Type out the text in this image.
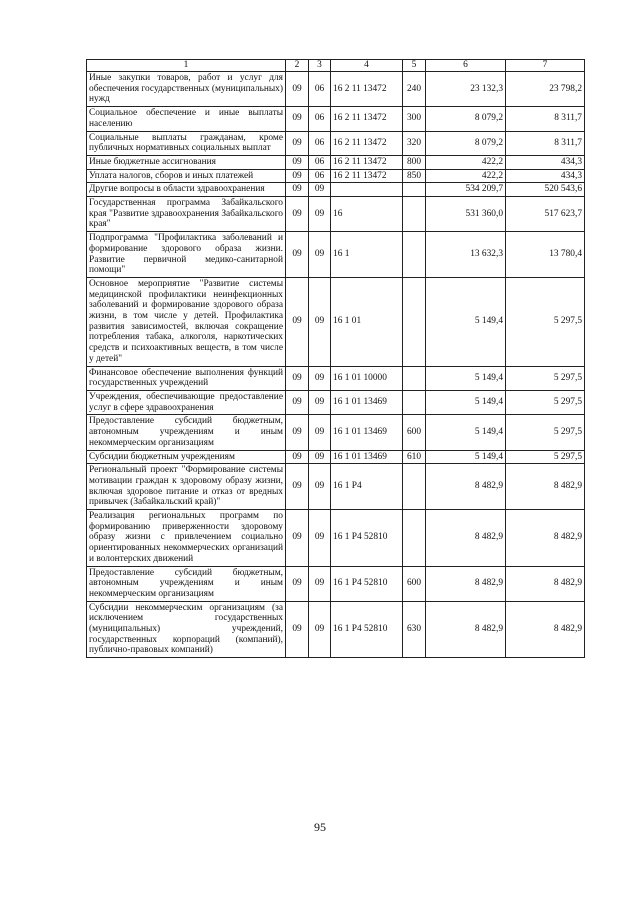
1	2	3	4	5	6	7
Иные закупки товаров, работ и услуг для обеспечения государственных (муниципальных) нужд	09	06	16 2 11 13472	240	23 132,3	23 798,2
Социальное обеспечение и иные выплаты населению	09	06	16 2 11 13472	300	8 079,2	8 311,7
Социальные выплаты гражданам, кроме публичных нормативных социальных выплат	09	06	16 2 11 13472	320	8 079,2	8 311,7
Иные бюджетные ассигнования	09	06	16 2 11 13472	800	422,2	434,3
Уплата налогов, сборов и иных платежей	09	06	16 2 11 13472	850	422,2	434,3
Другие вопросы в области здравоохранения	09	09			534 209,7	520 543,6
Государственная программа Забайкальского края "Развитие здравоохранения Забайкальского края"	09	09	16		531 360,0	517 623,7
Подпрограмма "Профилактика заболеваний и формирование здорового образа жизни. Развитие первичной медико-санитарной помощи"	09	09	16 1		13 632,3	13 780,4
Основное мероприятие "Развитие системы медицинской профилактики неинфекционных заболеваний и формирование здорового образа жизни, в том числе у детей. Профилактика развития зависимостей, включая сокращение потребления табака, алкоголя, наркотических средств и психоактивных веществ, в том числе у детей"	09	09	16 1 01		5 149,4	5 297,5
Финансовое обеспечение выполнения функций государственных учреждений	09	09	16 1 01 10000		5 149,4	5 297,5
Учреждения, обеспечивающие предоставление услуг в сфере здравоохранения	09	09	16 1 01 13469		5 149,4	5 297,5
Предоставление субсидий бюджетным, автономным учреждениям и иным некоммерческим организациям	09	09	16 1 01 13469	600	5 149,4	5 297,5
Субсидии бюджетным учреждениям	09	09	16 1 01 13469	610	5 149,4	5 297,5
Региональный проект "Формирование системы мотивации граждан к здоровому образу жизни, включая здоровое питание и отказ от вредных привычек (Забайкальский край)"	09	09	16 1 P4		8 482,9	8 482,9
Реализация региональных программ по формированию приверженности здоровому образу жизни с привлечением социально ориентированных некоммерческих организаций и волонтерских движений	09	09	16 1 P4 52810		8 482,9	8 482,9
Предоставление субсидий бюджетным, автономным учреждениям и иным некоммерческим организациям	09	09	16 1 P4 52810	600	8 482,9	8 482,9
Субсидии некоммерческим организациям (за исключением государственных (муниципальных) учреждений, государственных корпораций (компаний), публично-правовых компаний)	09	09	16 1 P4 52810	630	8 482,9	8 482,9
95
